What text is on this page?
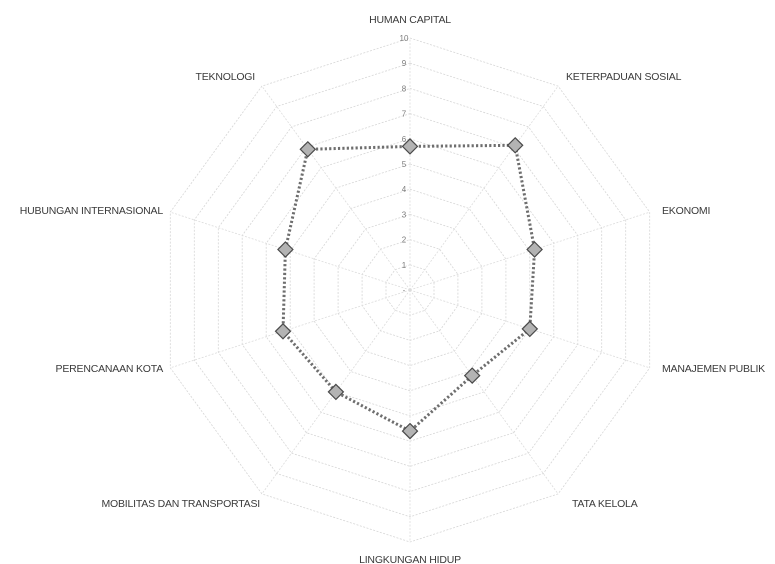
-
1
2
3
4
5
6
7
8
9
10
HUMAN CAPITAL
KETERPADUAN SOSIAL
EKONOMI
MANAJEMEN PUBLIK
TATA KELOLA
LINGKUNGAN HIDUP
MOBILITAS DAN TRANSPORTASI
PERENCANAAN KOTA
HUBUNGAN INTERNASIONAL
TEKNOLOGI
